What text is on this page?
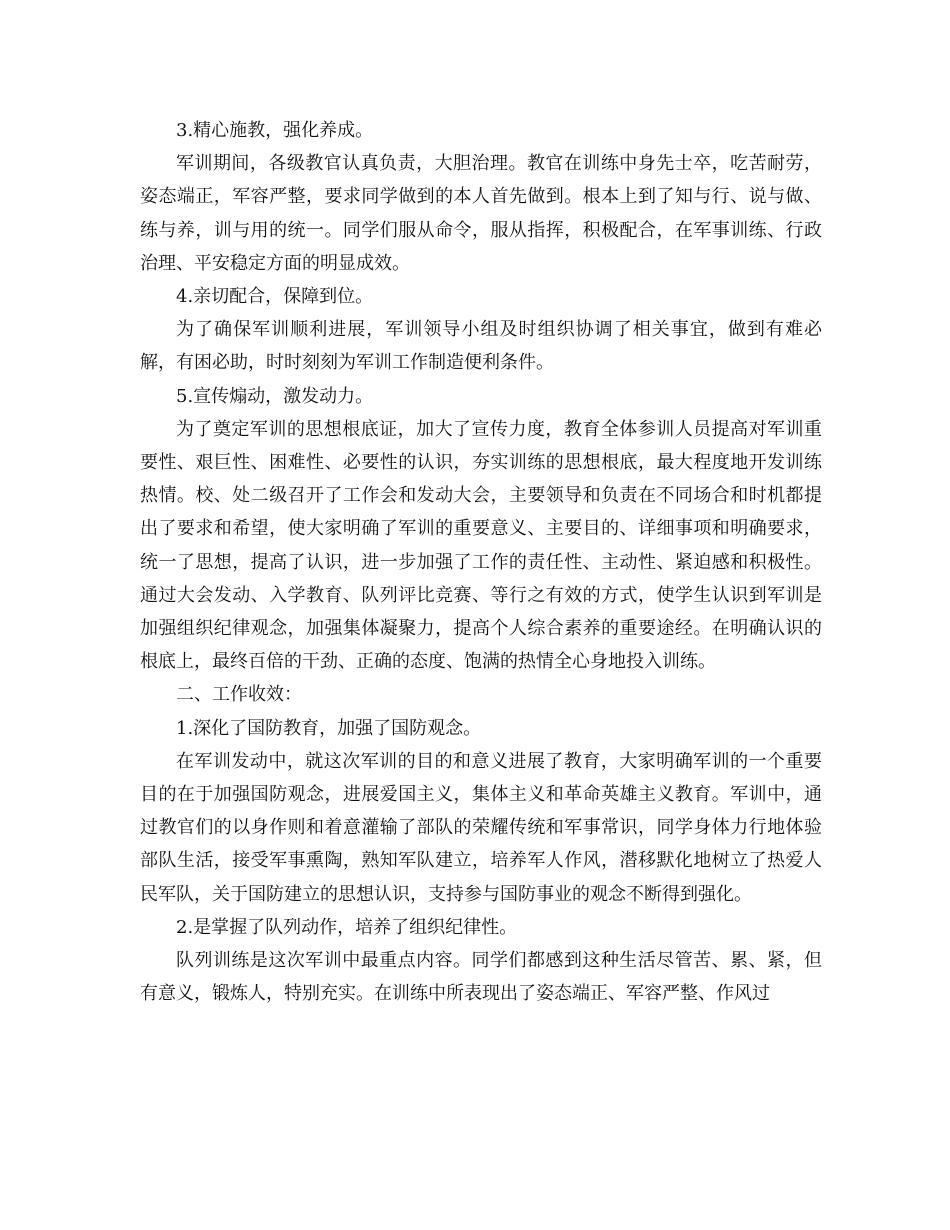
3.精心施教，强化养成。

军训期间，各级教官认真负责，大胆治理。教官在训练中身先士卒，吃苦耐劳，姿态端正，军容严整，要求同学做到的本人首先做到。根本上到了知与行、说与做、练与养，训与用的统一。同学们服从命令，服从指挥，积极配合，在军事训练、行政治理、平安稳定方面的明显成效。

4.亲切配合，保障到位。

为了确保军训顺利进展，军训领导小组及时组织协调了相关事宜，做到有难必解，有困必助，时时刻刻为军训工作制造便利条件。

5.宣传煽动，激发动力。

为了奠定军训的思想根底证，加大了宣传力度，教育全体参训人员提高对军训重要性、艰巨性、困难性、必要性的认识，夯实训练的思想根底，最大程度地开发训练热情。校、处二级召开了工作会和发动大会，主要领导和负责在不同场合和时机都提出了要求和希望，使大家明确了军训的重要意义、主要目的、详细事项和明确要求，统一了思想，提高了认识，进一步加强了工作的责任性、主动性、紧迫感和积极性。通过大会发动、入学教育、队列评比竞赛、等行之有效的方式，使学生认识到军训是加强组织纪律观念，加强集体凝聚力，提高个人综合素养的重要途经。在明确认识的根底上，最终百倍的干劲、正确的态度、饱满的热情全心身地投入训练。

二、工作收效：

1.深化了国防教育，加强了国防观念。

在军训发动中，就这次军训的目的和意义进展了教育，大家明确军训的一个重要目的在于加强国防观念，进展爱国主义，集体主义和革命英雄主义教育。军训中，通过教官们的以身作则和着意灌输了部队的荣耀传统和军事常识，同学身体力行地体验部队生活，接受军事熏陶，熟知军队建立，培养军人作风，潜移默化地树立了热爱人民军队，关于国防建立的思想认识，支持参与国防事业的观念不断得到强化。

2.是掌握了队列动作，培养了组织纪律性。

队列训练是这次军训中最重点内容。同学们都感到这种生活尽管苦、累、紧，但有意义，锻炼人，特别充实。在训练中所表现出了姿态端正、军容严整、作风过
